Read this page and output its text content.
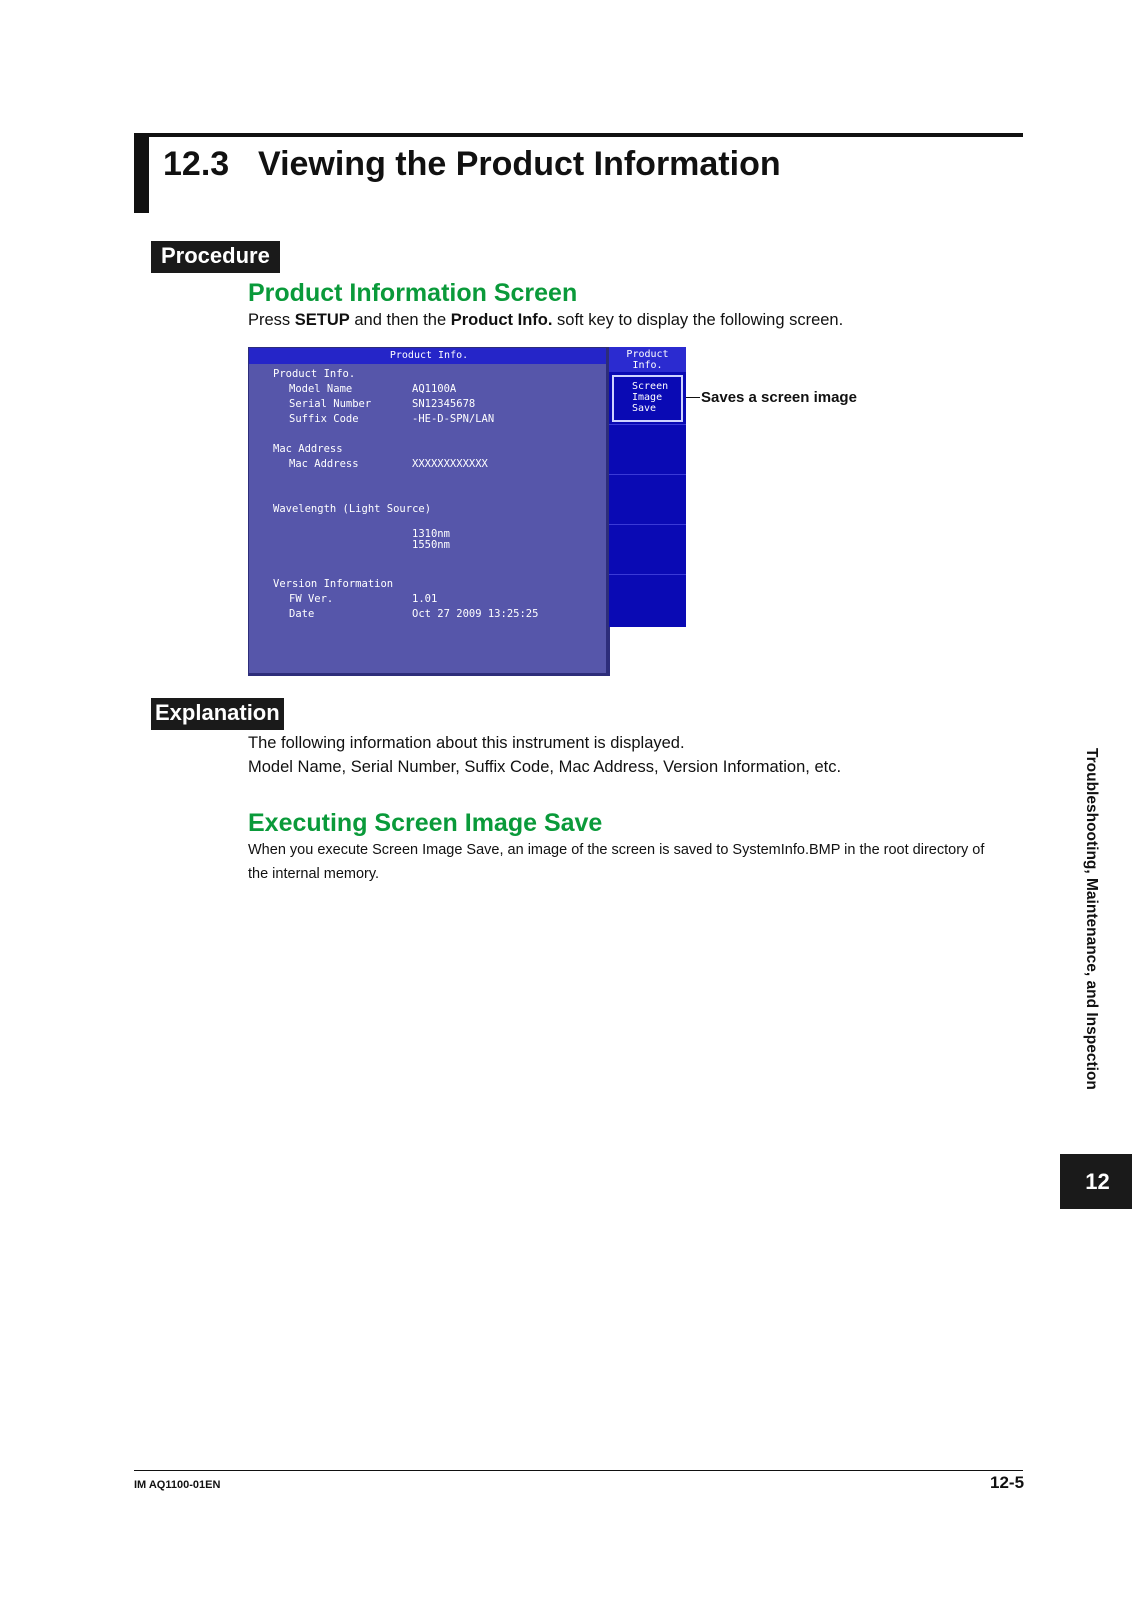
12.3 Viewing the Product Information
Procedure
Product Information Screen
Press SETUP and then the Product Info. soft key to display the following screen.
Product Info.
Product Info.
Model Name	AQ1100A
Serial Number	SN12345678
Suffix Code	-HE-D-SPN/LAN
Mac Address
Mac Address	XXXXXXXXXXXX
Wavelength (Light Source)
1310nm
1550nm
Version Information
FW Ver.	1.01
Date	Oct 27 2009 13:25:25
Product
Info.
Screen
Image
Save
Saves a screen image
Explanation
The following information about this instrument is displayed.
Model Name, Serial Number, Suffix Code, Mac Address, Version Information, etc.
Executing Screen Image Save
When you execute Screen Image Save, an image of the screen is saved to SystemInfo.BMP in the root directory of
the internal memory.	Troubleshooting, Maintenance, and Inspection
12
IM AQ1100-01EN	12-5
